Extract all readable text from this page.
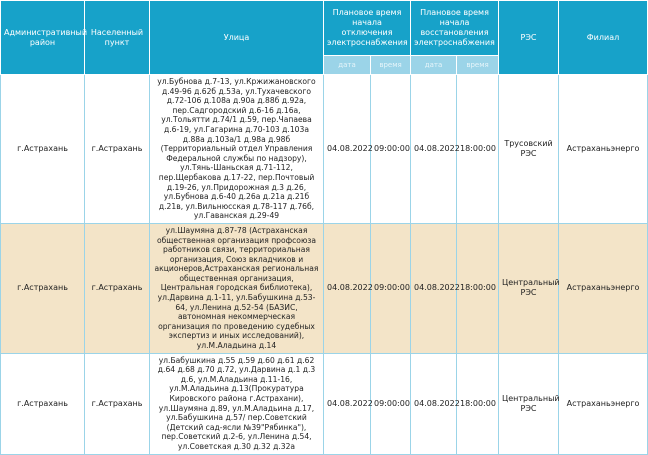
Административный район	Населенный пункт	Улица	Плановое время начала отключения электроснабжения		Плановое время начала восстановления электроснабжения		РЭС	Филиал
			дата	время	дата	время		
г.Астрахань	г.Астрахань	ул.Бубнова д.7-13, ул.Кржижановского д.49-96 д.62б д.53а, ул.Тухачевского д.72-106 д.108а д.90а д.88б д.92а, пер.Садгородский д.6-16 д.16а, ул.Тольятти д.74/1 д.59, пер.Чапаева д.6-19, ул.Гагарина д.70-103 д.103а д.88а д.103а/1 д.98а д.98б (Территориальный отдел Управления Федеральной службы по надзору), ул.Тянь-Шаньская д.71-112, пер.Щербакова д.17-22, пер.Почтовый д.19-26, ул.Придорожная д.3 д.26, ул.Бубнова д.6-40 д.26а д.21а д.21б д.21в, ул.Вильнюсская д.78-117 д.76б, ул.Гаванская д.29-49	04.08.2022	09:00:00	04.08.2022	18:00:00	Трусовский РЭС	Астраханьэнерго
г.Астрахань	г.Астрахань	ул.Шаумяна д.87-78 (Астраханская общественная организация профсоюза работников связи, территориальная организация, Союз вкладчиков и акционеров,Астраханская региональная общественная организация, Центральная городская библиотека), ул.Дарвина д.1-11, ул.Бабушкина д.53-64, ул.Ленина д.52-54 (БАЗИС, автономная некоммерческая организация по проведению судебных экспертиз и иных исследований), ул.М.Аладьина д.14	04.08.2022	09:00:00	04.08.2022	18:00:00	Центральный РЭС	Астраханьэнерго
г.Астрахань	г.Астрахань	ул.Бабушкина д.55 д.59 д.60 д.61 д.62 д.64 д.68 д.70 д.72, ул.Дарвина д.1 д.3 д.6, ул.М.Аладьина д.11-16, ул.М.Аладьина д.13(Прокуратура Кировского района г.Астрахани), ул.Шаумяна д.89, ул.М.Аладьина д.17, ул.Бабушкина д.57/ пер.Советский (Детский сад-ясли №39"Рябинка"), пер.Советский д.2-6, ул.Ленина д.54, ул.Советская д.30 д.32 д.32а	04.08.2022	09:00:00	04.08.2022	18:00:00	Центральный РЭС	Астраханьэнерго
